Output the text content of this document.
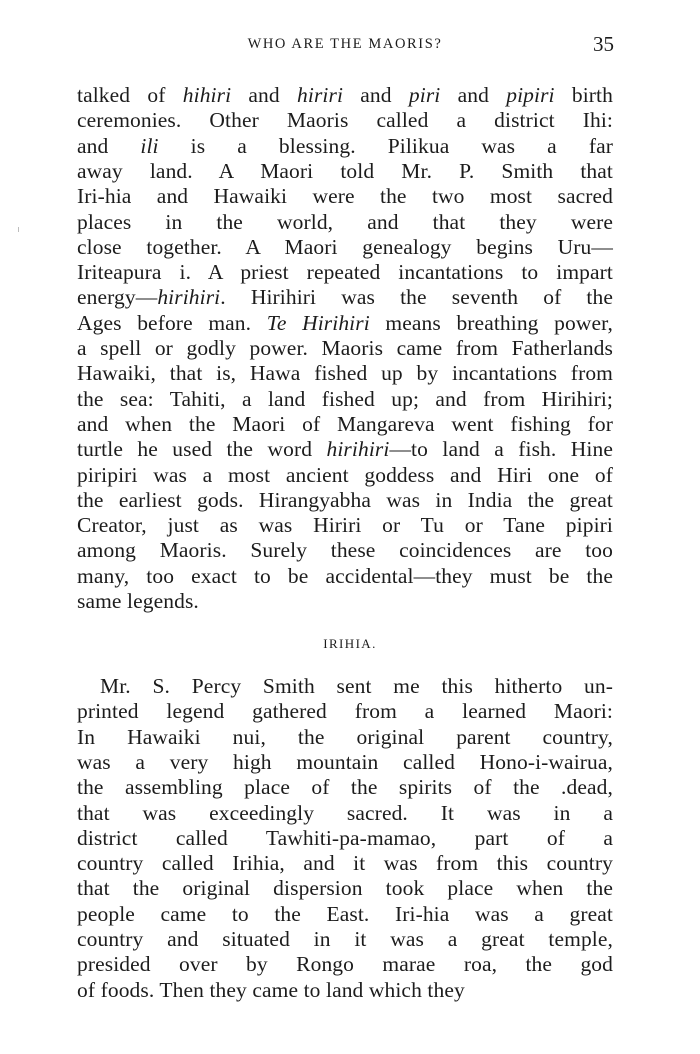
WHO ARE THE MAORIS?	35
talked of hihiri and hiriri and piri and pipiri birth
ceremonies. Other Maoris called a district Ihi:
and ili is a blessing. Pilikua was a far
away land. A Maori told Mr. P. Smith that
Iri-hia and Hawaiki were the two most sacred
places in the world, and that they were
close together. A Maori genealogy begins Uru—
Iriteapura i. A priest repeated incantations to impart
energy—hirihiri. Hirihiri was the seventh of the
Ages before man. Te Hirihiri means breathing power,
a spell or godly power. Maoris came from Fatherlands
Hawaiki, that is, Hawa fished up by incantations from
the sea: Tahiti, a land fished up; and from Hirihiri;
and when the Maori of Mangareva went fishing for
turtle he used the word hirihiri—to land a fish. Hine
piripiri was a most ancient goddess and Hiri one of
the earliest gods. Hirangyabha was in India the great
Creator, just as was Hiriri or Tu or Tane pipiri
among Maoris. Surely these coincidences are too
many, too exact to be accidental—they must be the
same legends.
IRIHIA.
Mr. S. Percy Smith sent me this hitherto un-
printed legend gathered from a learned Maori:
In Hawaiki nui, the original parent country,
was a very high mountain called Hono-i-wairua,
the assembling place of the spirits of the .dead,
that was exceedingly sacred. It was in a
district called Tawhiti-pa-mamao, part of a
country called Irihia, and it was from this country
that the original dispersion took place when the
people came to the East. Iri-hia was a great
country and situated in it was a great temple,
presided over by Rongo marae roa, the god
of foods. Then they came to land which they
